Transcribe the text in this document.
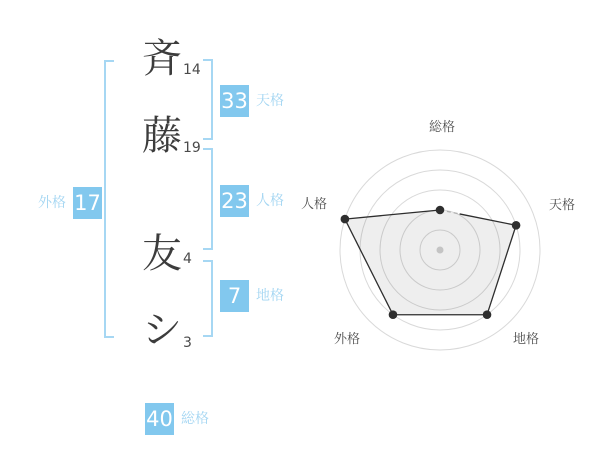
斉 14
藤 19
友 4
シ 3
33 天格
23 人格
7	地格
外格 17
40 総格
総格
天格
地格
外格
人格
